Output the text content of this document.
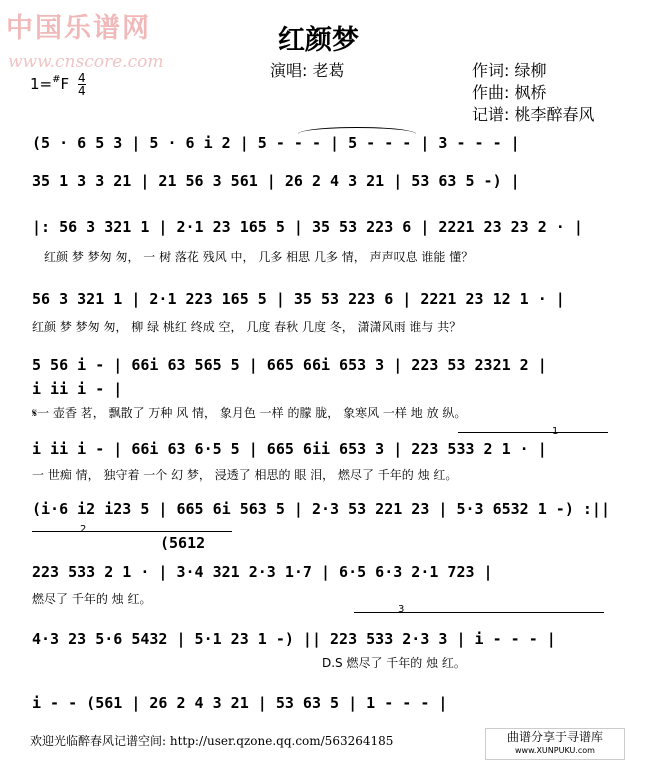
中国乐谱网
www.cnscore.com
红颜梦
演唱: 老葛	作词: 绿柳
作曲: 枫桥
记谱: 桃李醉春风
$1=^{\#}F \frac{4}{4}$
(5 · 6 5 3 | 5 · 6 i 2 | 5 - - - | 5 - - - | 3 - - - |
35 1 3 3 21 | 21 56 3 561 | 26 2 4 3 21 | 53 63 5 -) |
|: 56 3 321 1 | 2·1 23 165 5 | 35 53 223 6 | 2221 23 23 2 · |
红颜 梦 梦匆 匆， 一 树 落花 残风 中， 几多 相思 几多 情， 声声叹息 谁能 懂？
56 3 321 1 | 2·1 223 165 5 | 35 53 223 6 | 2221 23 12 1 · |
红颜 梦 梦匆 匆， 柳 绿 桃红 终成 空， 几度 春秋 几度 冬， 潇潇风雨 谁与 共？
5 56 i - | 66i 63 565 5 | 665 66i 653 3 | 223 53 2321 2 |
i ii i - |
𝄋一 壶香 茗， 飘散了 万种 风 情， 象月色 一样 的朦 胧， 象寒风 一样 地 放 纵。
i ii i - | 66i 63 6·5 5 | 665 6ii 653 3 | 223 533 2 1 · |
一 世痴 情， 独守着 一个 幻 梦， 浸透了 相思的 眼 泪， 燃尽了 千年的 烛 红。
(i·6 i2 i23 5 | 665 6i 563 5 | 2·3 53 221 23 | 5·3 6532 1 -) :||
2
(5612
223 533 2 1 · | 3·4 321 2·3 1·7 | 6·5 6·3 2·1 723 |
燃尽了 千年的 烛 红。
3
4·3 23 5·6 5432 | 5·1 23 1 -) || 223 533 2·3 3 | i - - - |
D.S 燃尽了 千年的 烛 红。
i - - (561 | 26 2 4 3 21 | 53 63 5 | 1 - - - |
欢迎光临醉春风记谱空间: http://user.qzone.qq.com/563264185	曲谱分享于寻谱库
www.XUNPUKU.com
